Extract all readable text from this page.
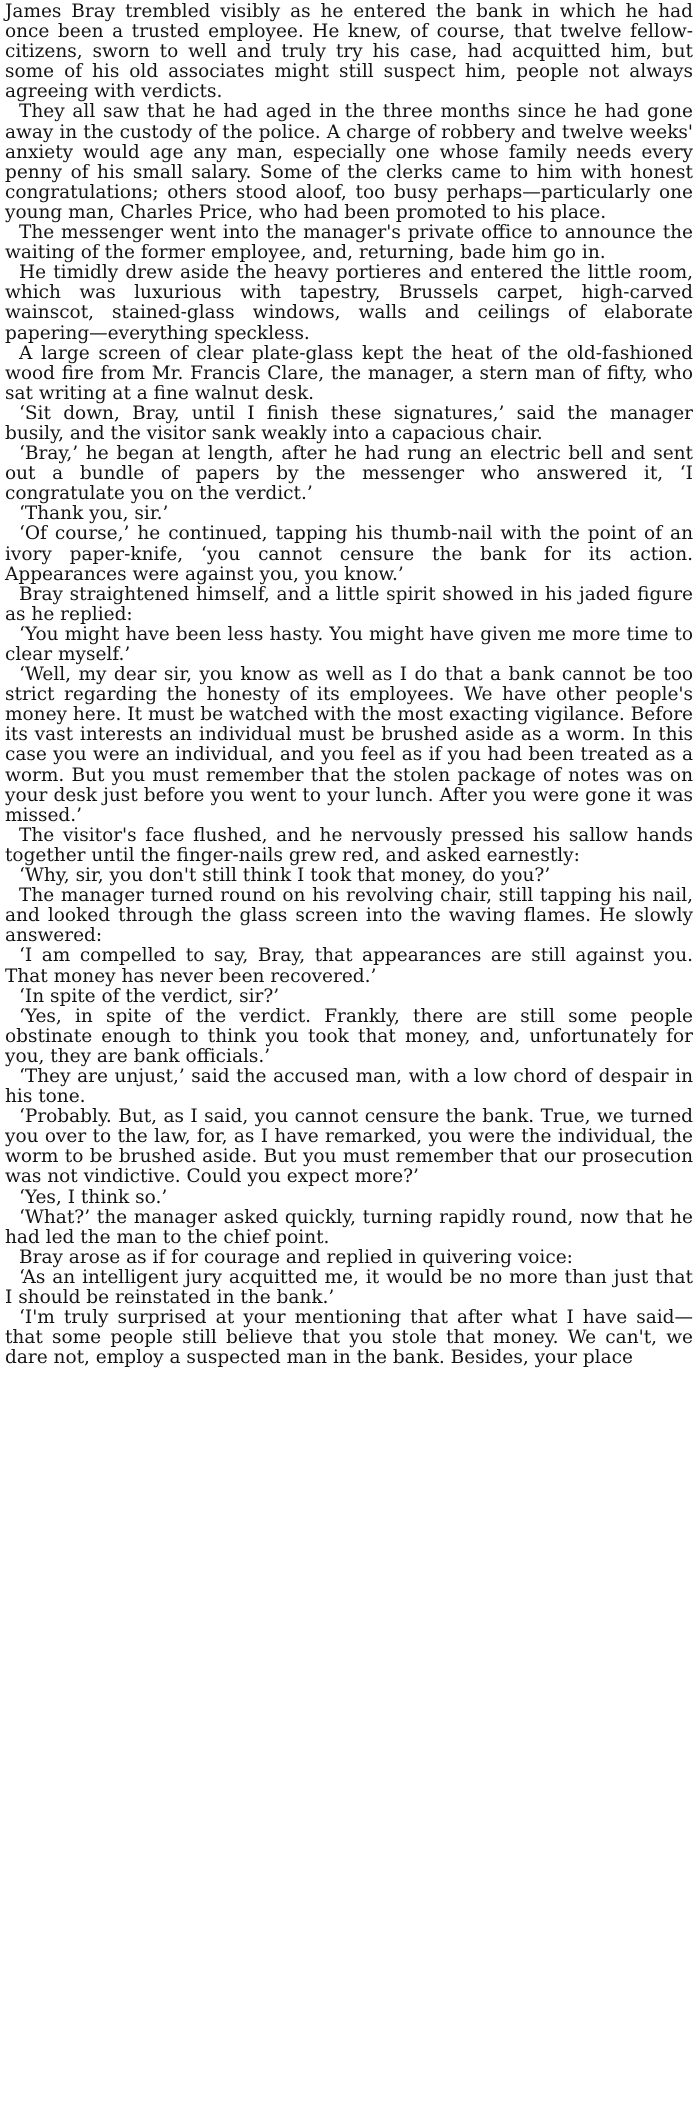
James Bray trembled visibly as he entered the bank in which he had once been a trusted employee. He knew, of course, that twelve fellow-citizens, sworn to well and truly try his case, had acquitted him, but some of his old associates might still suspect him, people not always agreeing with verdicts.

They all saw that he had aged in the three months since he had gone away in the custody of the police. A charge of robbery and twelve weeks' anxiety would age any man, especially one whose family needs every penny of his small salary. Some of the clerks came to him with honest congratulations; others stood aloof, too busy perhaps—particularly one young man, Charles Price, who had been promoted to his place.

The messenger went into the manager's private office to announce the waiting of the former employee, and, returning, bade him go in.

He timidly drew aside the heavy portieres and entered the little room, which was luxurious with tapestry, Brussels carpet, high-carved wainscot, stained-glass windows, walls and ceilings of elaborate papering—everything speckless.

A large screen of clear plate-glass kept the heat of the old-fashioned wood fire from Mr. Francis Clare, the manager, a stern man of fifty, who sat writing at a fine walnut desk.

‘Sit down, Bray, until I finish these signatures,’ said the manager busily, and the visitor sank weakly into a capacious chair.

‘Bray,’ he began at length, after he had rung an electric bell and sent out a bundle of papers by the messenger who answered it, ‘I congratulate you on the verdict.’

‘Thank you, sir.’

‘Of course,’ he continued, tapping his thumb-nail with the point of an ivory paper-knife, ‘you cannot censure the bank for its action. Appearances were against you, you know.’

Bray straightened himself, and a little spirit showed in his jaded figure as he replied:

‘You might have been less hasty. You might have given me more time to clear myself.’

‘Well, my dear sir, you know as well as I do that a bank cannot be too strict regarding the honesty of its employees. We have other people's money here. It must be watched with the most exacting vigilance. Before its vast interests an individual must be brushed aside as a worm. In this case you were an individual, and you feel as if you had been treated as a worm. But you must remember that the stolen package of notes was on your desk just before you went to your lunch. After you were gone it was missed.’

The visitor's face flushed, and he nervously pressed his sallow hands together until the finger-nails grew red, and asked earnestly:

‘Why, sir, you don't still think I took that money, do you?’

The manager turned round on his revolving chair, still tapping his nail, and looked through the glass screen into the waving flames. He slowly answered:

‘I am compelled to say, Bray, that appearances are still against you. That money has never been recovered.’

‘In spite of the verdict, sir?’

‘Yes, in spite of the verdict. Frankly, there are still some people obstinate enough to think you took that money, and, unfortunately for you, they are bank officials.’

‘They are unjust,’ said the accused man, with a low chord of despair in his tone.

‘Probably. But, as I said, you cannot censure the bank. True, we turned you over to the law, for, as I have remarked, you were the individual, the worm to be brushed aside. But you must remember that our prosecution was not vindictive. Could you expect more?’

‘Yes, I think so.’

‘What?’ the manager asked quickly, turning rapidly round, now that he had led the man to the chief point.

Bray arose as if for courage and replied in quivering voice:

‘As an intelligent jury acquitted me, it would be no more than just that I should be reinstated in the bank.’

‘I'm truly surprised at your mentioning that after what I have said—that some people still believe that you stole that money. We can't, we dare not, employ a suspected man in the bank. Besides, your place
